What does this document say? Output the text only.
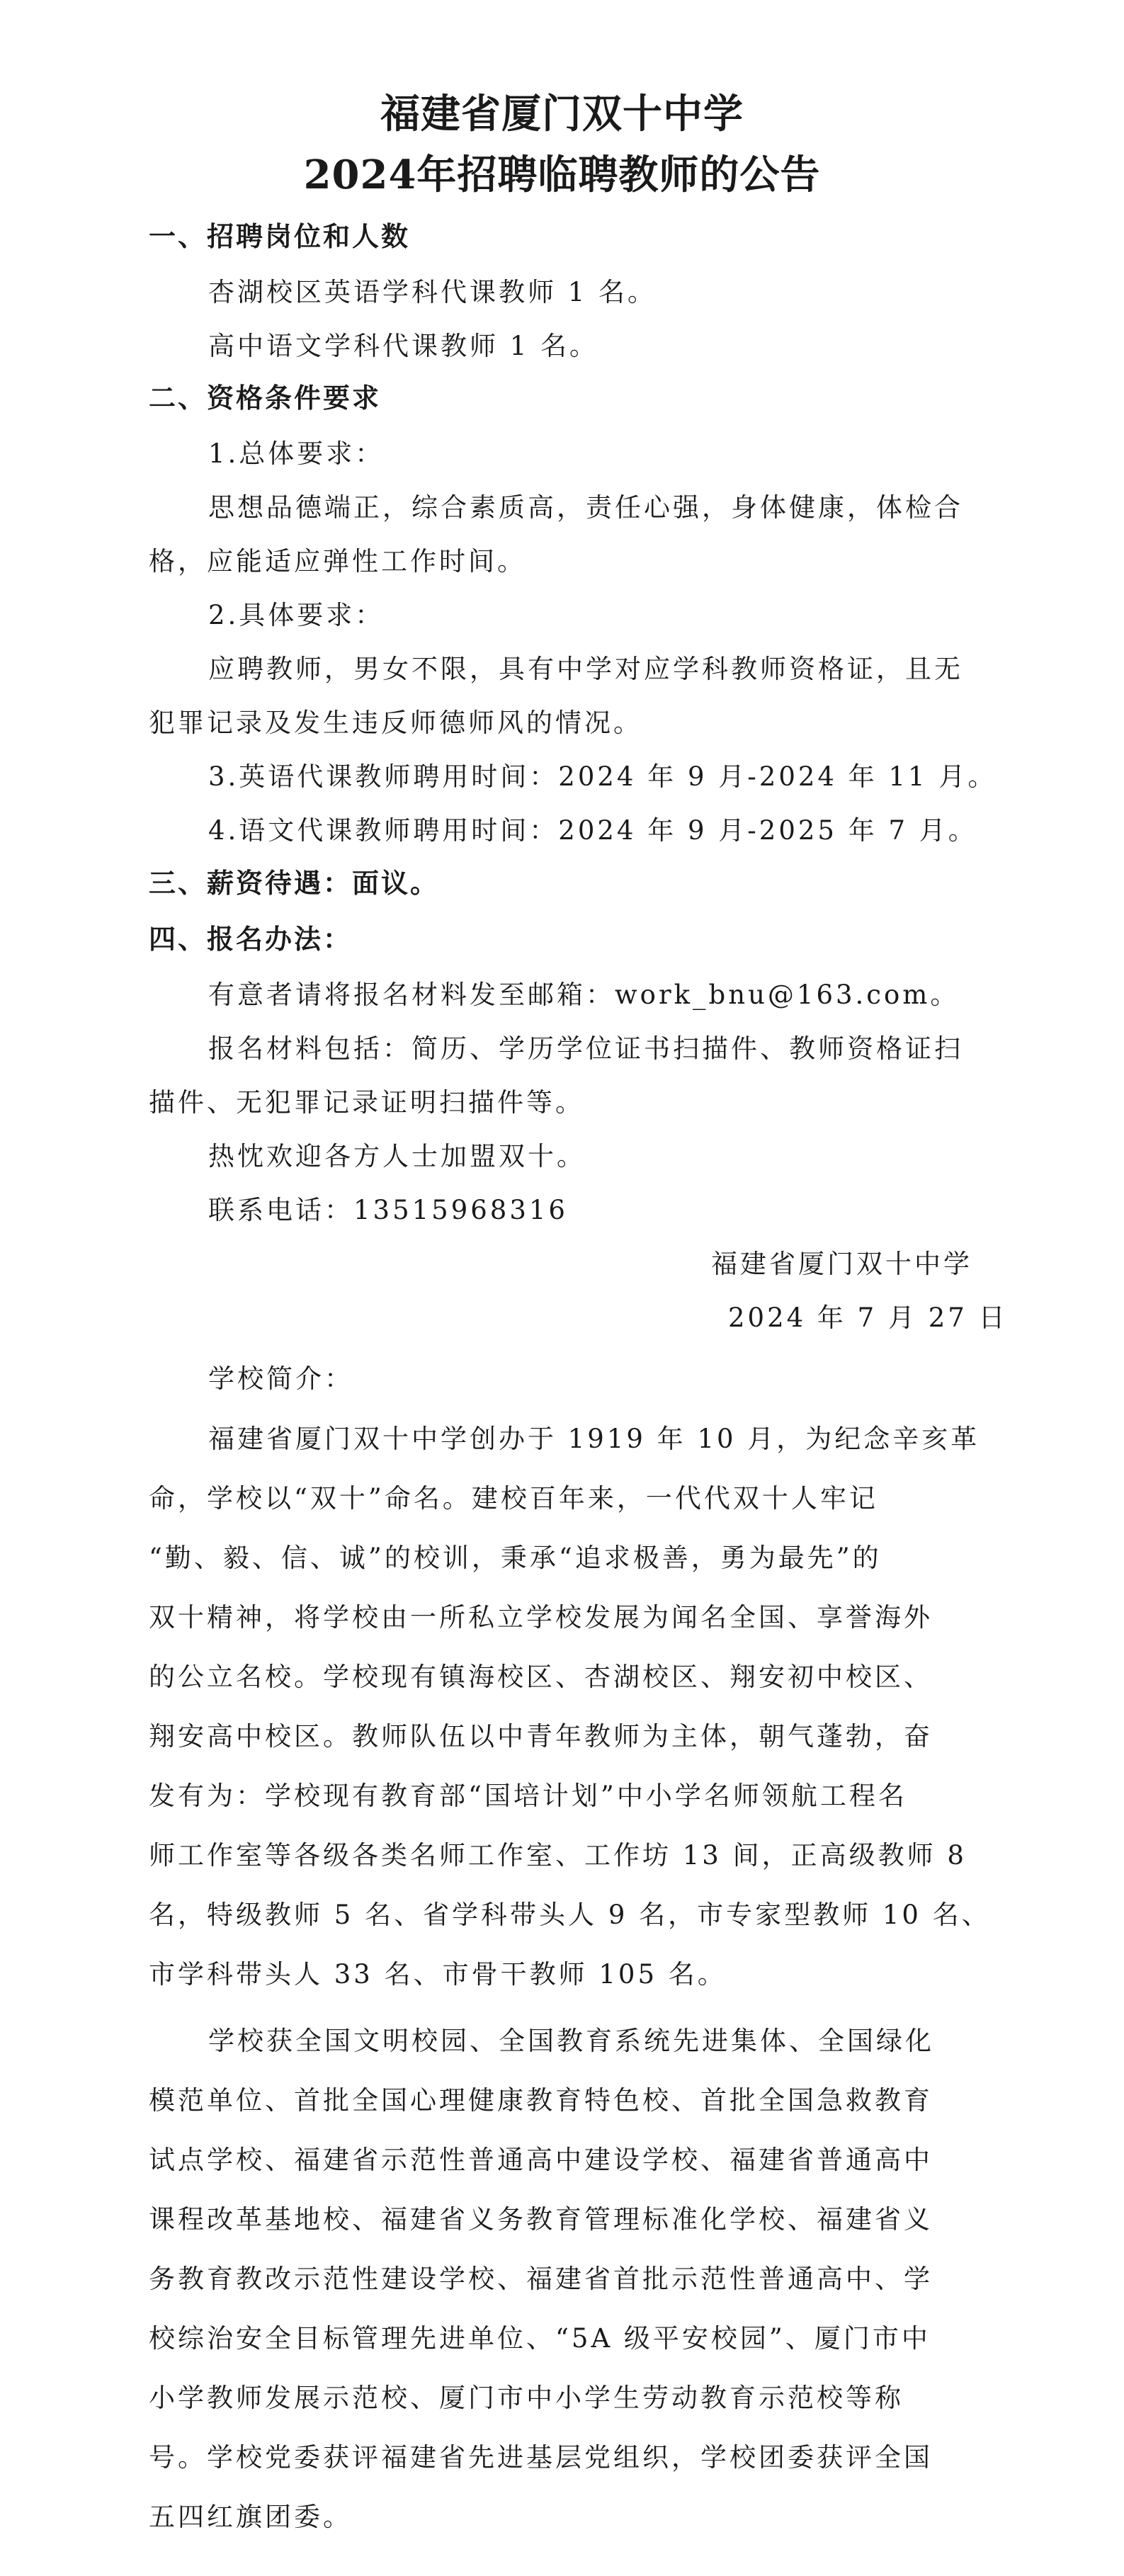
福建省厦门双十中学
2024年招聘临聘教师的公告
一、招聘岗位和人数
杏湖校区英语学科代课教师 1 名。
高中语文学科代课教师 1 名。
二、资格条件要求
1.总体要求：
思想品德端正，综合素质高，责任心强，身体健康，体检合
格，应能适应弹性工作时间。
2.具体要求：
应聘教师，男女不限，具有中学对应学科教师资格证，且无
犯罪记录及发生违反师德师风的情况。
3.英语代课教师聘用时间：2024 年 9 月-2024 年 11 月。
4.语文代课教师聘用时间：2024 年 9 月-2025 年 7 月。
三、薪资待遇：面议。
四、报名办法：
有意者请将报名材料发至邮箱：work_bnu@163.com。
报名材料包括：简历、学历学位证书扫描件、教师资格证扫
描件、无犯罪记录证明扫描件等。
热忱欢迎各方人士加盟双十。
联系电话：13515968316
福建省厦门双十中学
2024 年 7 月 27 日
学校简介：
福建省厦门双十中学创办于 1919 年 10 月，为纪念辛亥革
命，学校以“双十”命名。建校百年来，一代代双十人牢记
“勤、毅、信、诚”的校训，秉承“追求极善，勇为最先”的
双十精神，将学校由一所私立学校发展为闻名全国、享誉海外
的公立名校。学校现有镇海校区、杏湖校区、翔安初中校区、
翔安高中校区。教师队伍以中青年教师为主体，朝气蓬勃，奋
发有为：学校现有教育部“国培计划”中小学名师领航工程名
师工作室等各级各类名师工作室、工作坊 13 间，正高级教师 8
名，特级教师 5 名、省学科带头人 9 名，市专家型教师 10 名、
市学科带头人 33 名、市骨干教师 105 名。
学校获全国文明校园、全国教育系统先进集体、全国绿化
模范单位、首批全国心理健康教育特色校、首批全国急救教育
试点学校、福建省示范性普通高中建设学校、福建省普通高中
课程改革基地校、福建省义务教育管理标准化学校、福建省义
务教育教改示范性建设学校、福建省首批示范性普通高中、学
校综治安全目标管理先进单位、“5A 级平安校园”、厦门市中
小学教师发展示范校、厦门市中小学生劳动教育示范校等称
号。学校党委获评福建省先进基层党组织，学校团委获评全国
五四红旗团委。
